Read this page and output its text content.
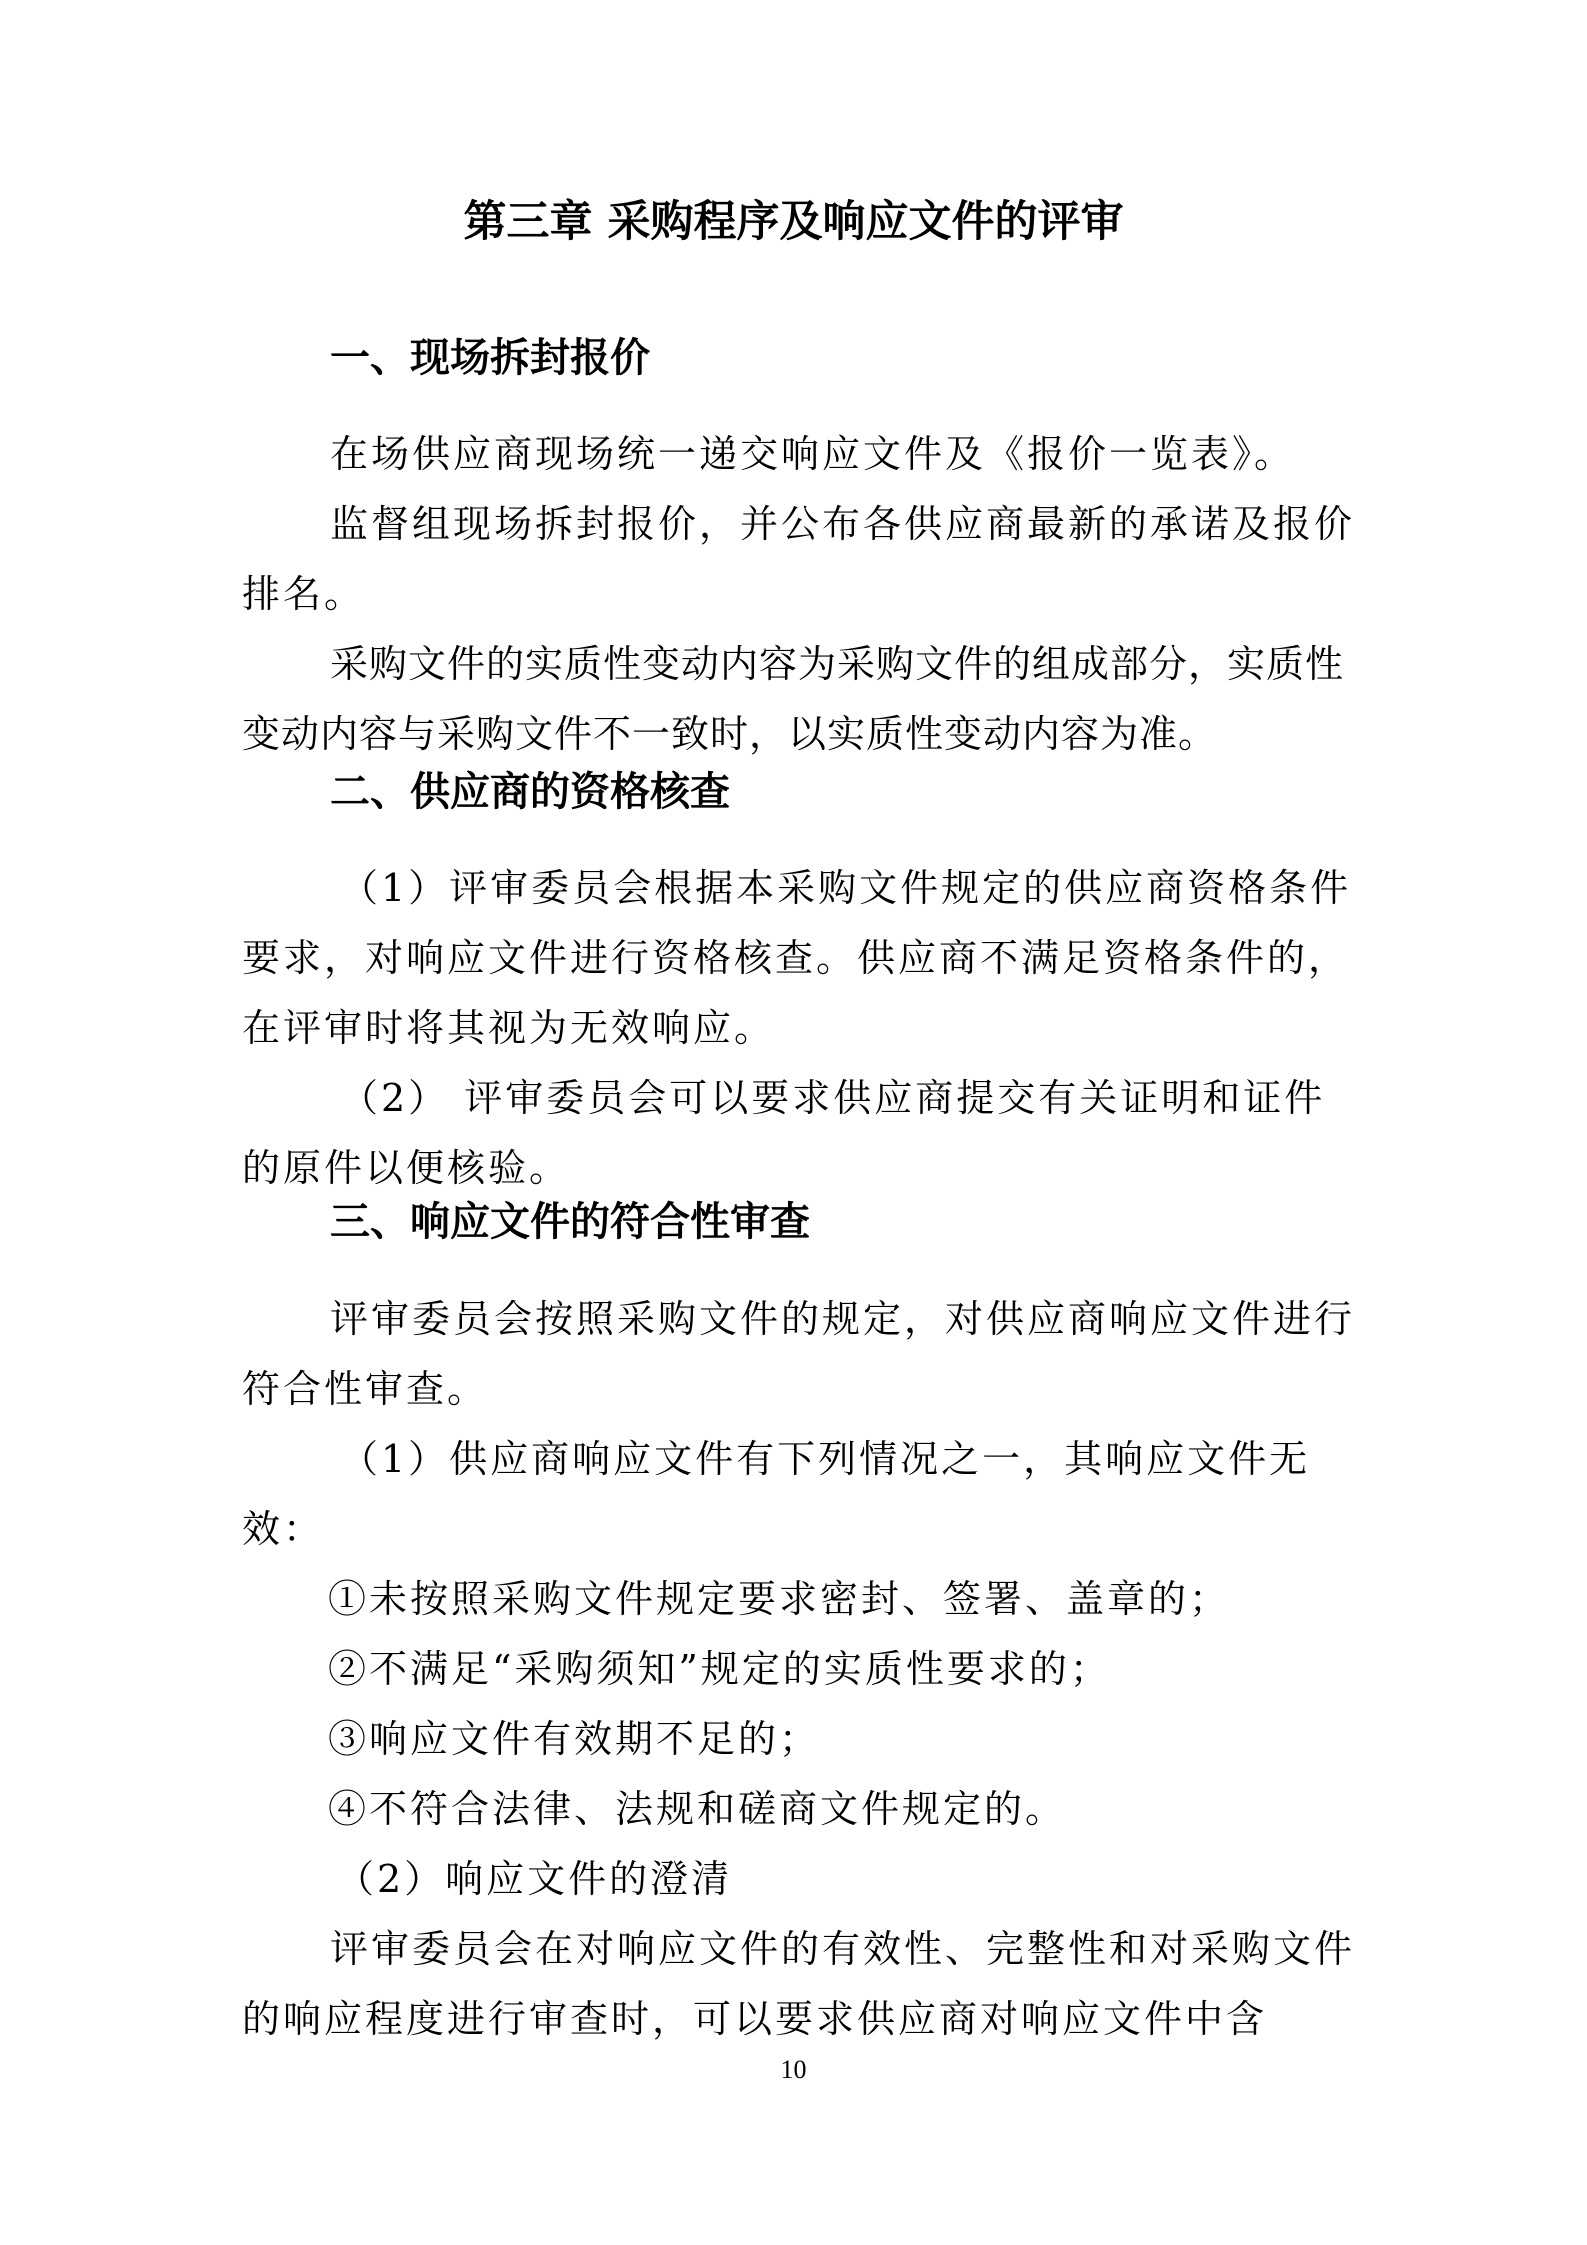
第三章 采购程序及响应文件的评审
一、现场拆封报价
在场供应商现场统一递交响应文件及《报价一览表》。
监督组现场拆封报价，并公布各供应商最新的承诺及报价排名。
采购文件的实质性变动内容为采购文件的组成部分，实质性变动内容与采购文件不一致时，以实质性变动内容为准。
二、供应商的资格核查
（1）评审委员会根据本采购文件规定的供应商资格条件要求，对响应文件进行资格核查。供应商不满足资格条件的，在评审时将其视为无效响应。
（2） 评审委员会可以要求供应商提交有关证明和证件的原件以便核验。
三、响应文件的符合性审查
评审委员会按照采购文件的规定，对供应商响应文件进行符合性审查。
（1）供应商响应文件有下列情况之一，其响应文件无效：
①未按照采购文件规定要求密封、签署、盖章的；
②不满足“采购须知”规定的实质性要求的；
③响应文件有效期不足的；
④不符合法律、法规和磋商文件规定的。
（2）响应文件的澄清
评审委员会在对响应文件的有效性、完整性和对采购文件的响应程度进行审查时，可以要求供应商对响应文件中含
10
